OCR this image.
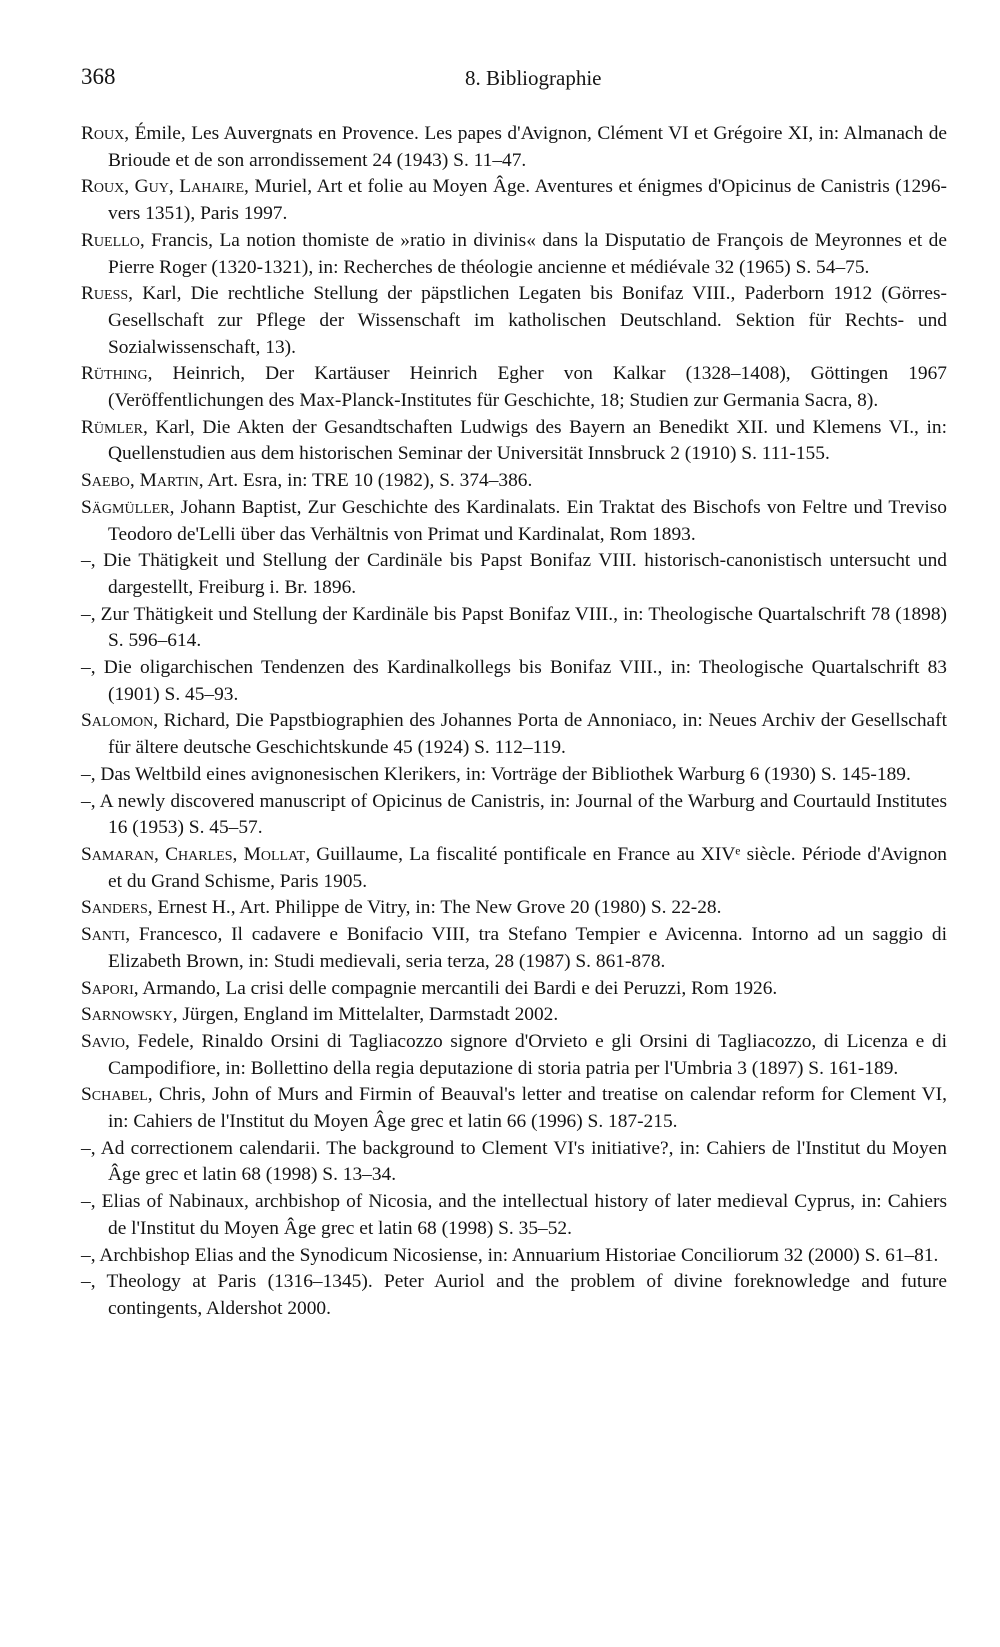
368	8. Bibliographie

Roux, Émile, Les Auvergnats en Provence. Les papes d'Avignon, Clément VI et Grégoire XI, in: Almanach de Brioude et de son arrondissement 24 (1943) S. 11–47.

Roux, Guy, Lahaire, Muriel, Art et folie au Moyen Âge. Aventures et énigmes d'Opicinus de Canistris (1296-vers 1351), Paris 1997.

Ruello, Francis, La notion thomiste de »ratio in divinis« dans la Disputatio de François de Meyronnes et de Pierre Roger (1320-1321), in: Recherches de théologie ancienne et médiévale 32 (1965) S. 54–75.

Ruess, Karl, Die rechtliche Stellung der päpstlichen Legaten bis Bonifaz VIII., Paderborn 1912 (Görres-Gesellschaft zur Pflege der Wissenschaft im katholischen Deutschland. Sektion für Rechts- und Sozialwissenschaft, 13).

Rüthing, Heinrich, Der Kartäuser Heinrich Egher von Kalkar (1328–1408), Göttingen 1967 (Veröffentlichungen des Max-Planck-Institutes für Geschichte, 18; Studien zur Germania Sacra, 8).

Rümler, Karl, Die Akten der Gesandtschaften Ludwigs des Bayern an Benedikt XII. und Klemens VI., in: Quellenstudien aus dem historischen Seminar der Universität Innsbruck 2 (1910) S. 111-155.

Saebo, Martin, Art. Esra, in: TRE 10 (1982), S. 374–386.

Sägmüller, Johann Baptist, Zur Geschichte des Kardinalats. Ein Traktat des Bischofs von Feltre und Treviso Teodoro de'Lelli über das Verhältnis von Primat und Kardinalat, Rom 1893.

–, Die Thätigkeit und Stellung der Cardinäle bis Papst Bonifaz VIII. historisch-canonistisch untersucht und dargestellt, Freiburg i. Br. 1896.

–, Zur Thätigkeit und Stellung der Kardinäle bis Papst Bonifaz VIII., in: Theologische Quartalschrift 78 (1898) S. 596–614.

–, Die oligarchischen Tendenzen des Kardinalkollegs bis Bonifaz VIII., in: Theologische Quartalschrift 83 (1901) S. 45–93.

Salomon, Richard, Die Papstbiographien des Johannes Porta de Annoniaco, in: Neues Archiv der Gesellschaft für ältere deutsche Geschichtskunde 45 (1924) S. 112–119.

–, Das Weltbild eines avignonesischen Klerikers, in: Vorträge der Bibliothek Warburg 6 (1930) S. 145-189.

–, A newly discovered manuscript of Opicinus de Canistris, in: Journal of the Warburg and Courtauld Institutes 16 (1953) S. 45–57.

Samaran, Charles, Mollat, Guillaume, La fiscalité pontificale en France au XIVᵉ siècle. Période d'Avignon et du Grand Schisme, Paris 1905.

Sanders, Ernest H., Art. Philippe de Vitry, in: The New Grove 20 (1980) S. 22-28.

Santi, Francesco, Il cadavere e Bonifacio VIII, tra Stefano Tempier e Avicenna. Intorno ad un saggio di Elizabeth Brown, in: Studi medievali, seria terza, 28 (1987) S. 861-878.

Sapori, Armando, La crisi delle compagnie mercantili dei Bardi e dei Peruzzi, Rom 1926.

Sarnowsky, Jürgen, England im Mittelalter, Darmstadt 2002.

Savio, Fedele, Rinaldo Orsini di Tagliacozzo signore d'Orvieto e gli Orsini di Tagliacozzo, di Licenza e di Campodifiore, in: Bollettino della regia deputazione di storia patria per l'Umbria 3 (1897) S. 161-189.

Schabel, Chris, John of Murs and Firmin of Beauval's letter and treatise on calendar reform for Clement VI, in: Cahiers de l'Institut du Moyen Âge grec et latin 66 (1996) S. 187-215.

–, Ad correctionem calendarii. The background to Clement VI's initiative?, in: Cahiers de l'Institut du Moyen Âge grec et latin 68 (1998) S. 13–34.

–, Elias of Nabinaux, archbishop of Nicosia, and the intellectual history of later medieval Cyprus, in: Cahiers de l'Institut du Moyen Âge grec et latin 68 (1998) S. 35–52.

–, Archbishop Elias and the Synodicum Nicosiense, in: Annuarium Historiae Conciliorum 32 (2000) S. 61–81.

–, Theology at Paris (1316–1345). Peter Auriol and the problem of divine foreknowledge and future contingents, Aldershot 2000.
